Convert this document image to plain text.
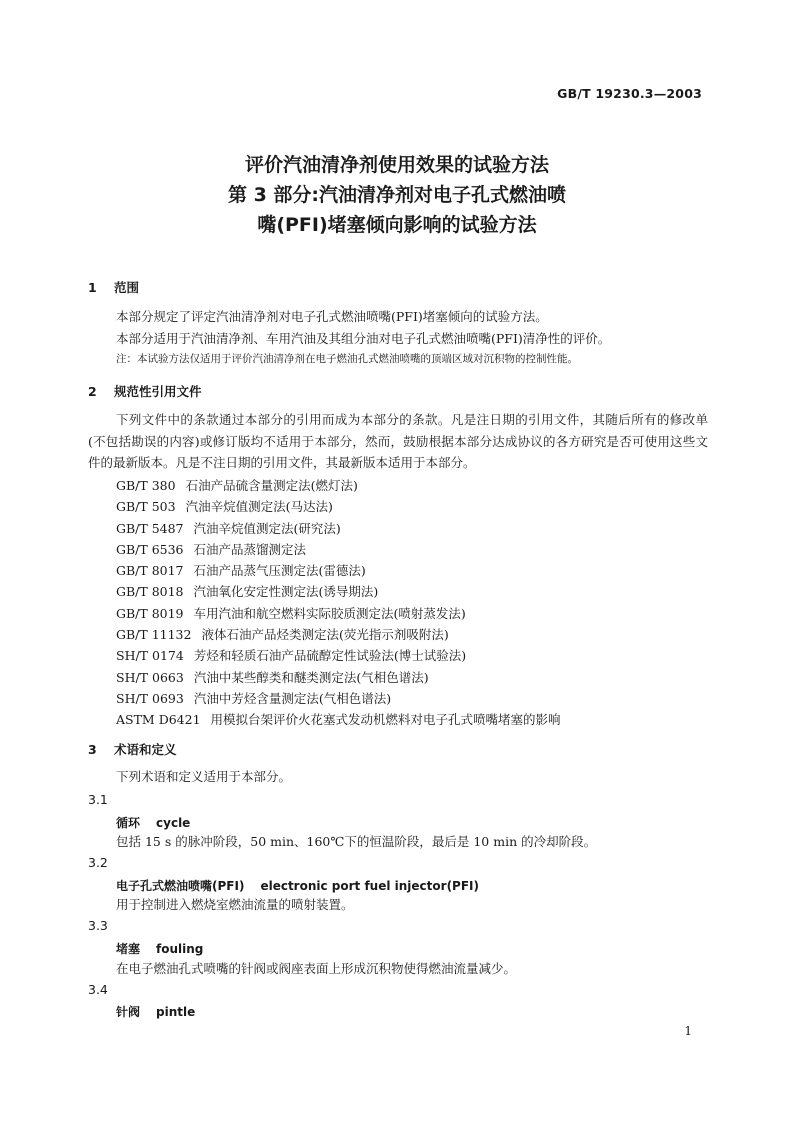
GB/T 19230.3—2003
评价汽油清净剂使用效果的试验方法
第 3 部分:汽油清净剂对电子孔式燃油喷
嘴(PFI)堵塞倾向影响的试验方法
1 范围
本部分规定了评定汽油清净剂对电子孔式燃油喷嘴(PFI)堵塞倾向的试验方法。
本部分适用于汽油清净剂、车用汽油及其组分油对电子孔式燃油喷嘴(PFI)清净性的评价。
注：本试验方法仅适用于评价汽油清净剂在电子燃油孔式燃油喷嘴的顶端区域对沉积物的控制性能。
2 规范性引用文件
下列文件中的条款通过本部分的引用而成为本部分的条款。凡是注日期的引用文件，其随后所有的修改单(不包括勘误的内容)或修订版均不适用于本部分，然而，鼓励根据本部分达成协议的各方研究是否可使用这些文件的最新版本。凡是不注日期的引用文件，其最新版本适用于本部分。
GB/T 380 石油产品硫含量测定法(燃灯法)
GB/T 503 汽油辛烷值测定法(马达法)
GB/T 5487 汽油辛烷值测定法(研究法)
GB/T 6536 石油产品蒸馏测定法
GB/T 8017 石油产品蒸气压测定法(雷德法)
GB/T 8018 汽油氧化安定性测定法(诱导期法)
GB/T 8019 车用汽油和航空燃料实际胶质测定法(喷射蒸发法)
GB/T 11132 液体石油产品烃类测定法(荧光指示剂吸附法)
SH/T 0174 芳烃和轻质石油产品硫醇定性试验法(博士试验法)
SH/T 0663 汽油中某些醇类和醚类测定法(气相色谱法)
SH/T 0693 汽油中芳烃含量测定法(气相色谱法)
ASTM D6421 用模拟台架评价火花塞式发动机燃料对电子孔式喷嘴堵塞的影响
3 术语和定义
下列术语和定义适用于本部分。
3.1
循环 cycle
包括 15 s 的脉冲阶段，50 min、160℃下的恒温阶段，最后是 10 min 的冷却阶段。
3.2
电子孔式燃油喷嘴(PFI) electronic port fuel injector(PFI)
用于控制进入燃烧室燃油流量的喷射装置。
3.3
堵塞 fouling
在电子燃油孔式喷嘴的针阀或阀座表面上形成沉积物使得燃油流量减少。
3.4
针阀 pintle
1
